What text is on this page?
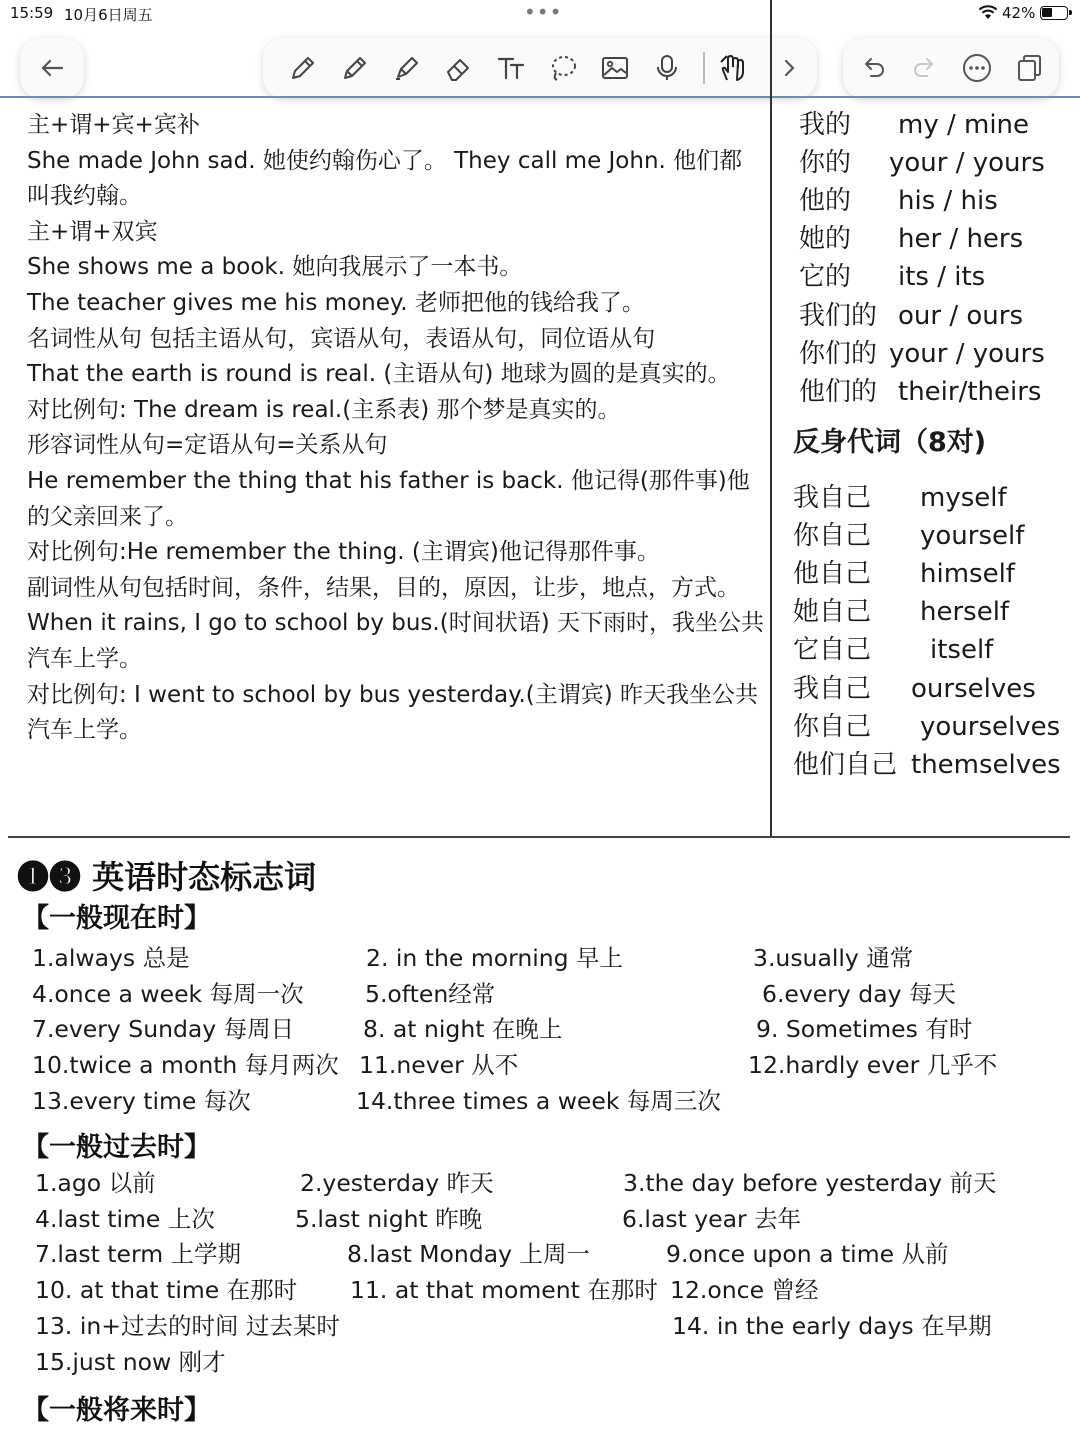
15:59 10月6日周五	•••	42%

主+谓+宾+宾补

She made John sad. 她使约翰伤心了。 They call me John. 他们都叫我约翰。

主+谓+双宾

She shows me a book. 她向我展示了一本书。

The teacher gives me his money. 老师把他的钱给我了。

名词性从句 包括主语从句，宾语从句，表语从句，同位语从句

That the earth is round is real. (主语从句) 地球为圆的是真实的。

对比例句: The dream is real.(主系表) 那个梦是真实的。

形容词性从句=定语从句=关系从句

He remember the thing that his father is back. 他记得(那件事)他的父亲回来了。

对比例句:He remember the thing. (主谓宾)他记得那件事。

副词性从句包括时间，条件，结果，目的，原因，让步，地点，方式。

When it rains, I go to school by bus.(时间状语) 天下雨时，我坐公共汽车上学。

对比例句: I went to school by bus yesterday.(主谓宾) 昨天我坐公共汽车上学。

我的 my / mine
你的 your / yours
他的 his / his
她的 her / hers
它的 its / its
我们的 our / ours
你们的 your / yours
他们的 their/theirs
反身代词（8对)
我自己 myself
你自己 yourself
他自己 himself
她自己 herself
它自己 itself
我自己 ourselves
你自己 yourselves
他们自己 themselves
❶❸ 英语时态标志词
【一般现在时】
1.always 总是	2. in the morning 早上	3.usually 通常
4.once a week 每周一次	5.often经常	6.every day 每天
7.every Sunday 每周日	8. at night 在晚上	9. Sometimes 有时
10.twice a month 每月两次 11.never 从不	12.hardly ever 几乎不
13.every time 每次	14.three times a week 每周三次
【一般过去时】
1.ago 以前	2.yesterday 昨天	3.the day before yesterday 前天
4.last time 上次	5.last night 昨晚	6.last year 去年
7.last term 上学期	8.last Monday 上周一	9.once upon a time 从前
10. at that time 在那时 11. at that moment 在那时 12.once 曾经
13. in+过去的时间 过去某时	14. in the early days 在早期
15.just now 刚才
【一般将来时】
